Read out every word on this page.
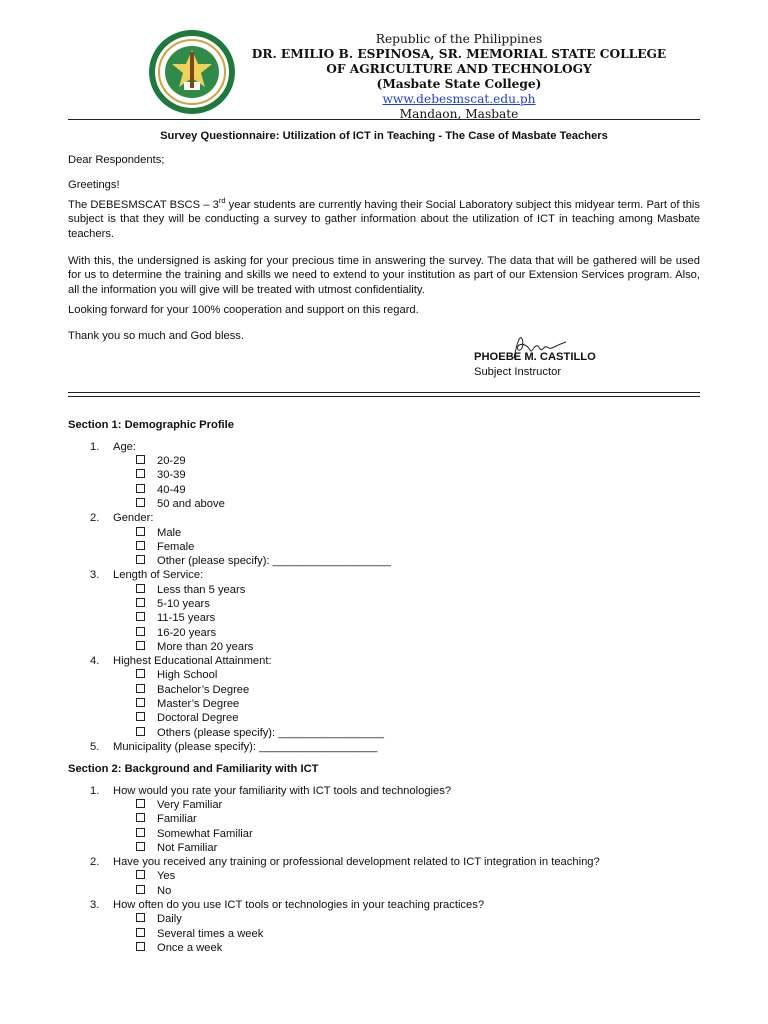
Republic of the Philippines
DR. EMILIO B. ESPINOSA, SR. MEMORIAL STATE COLLEGE
OF AGRICULTURE AND TECHNOLOGY
(Masbate State College)
www.debesmscat.edu.ph
Mandaon, Masbate
Survey Questionnaire: Utilization of ICT in Teaching - The Case of Masbate Teachers
Dear Respondents;
Greetings!
The DEBESMSCAT BSCS – 3rd year students are currently having their Social Laboratory subject this midyear term. Part of this subject is that they will be conducting a survey to gather information about the utilization of ICT in teaching among Masbate teachers.
With this, the undersigned is asking for your precious time in answering the survey. The data that will be gathered will be used for us to determine the training and skills we need to extend to your institution as part of our Extension Services program. Also, all the information you will give will be treated with utmost confidentiality.
Looking forward for your 100% cooperation and support on this regard.
Thank you so much and God bless.
PHOEBE M. CASTILLO
Subject Instructor
Section 1: Demographic Profile
1. Age:
20-29
30-39
40-49
50 and above
2. Gender:
Male
Female
Other (please specify): ___________________
3. Length of Service:
Less than 5 years
5-10 years
11-15 years
16-20 years
More than 20 years
4. Highest Educational Attainment:
High School
Bachelor’s Degree
Master’s Degree
Doctoral Degree
Others (please specify): _________________
5. Municipality (please specify): ___________________
Section 2: Background and Familiarity with ICT
1. How would you rate your familiarity with ICT tools and technologies?
Very Familiar
Familiar
Somewhat Familiar
Not Familiar
2. Have you received any training or professional development related to ICT integration in teaching?
Yes
No
3. How often do you use ICT tools or technologies in your teaching practices?
Daily
Several times a week
Once a week
